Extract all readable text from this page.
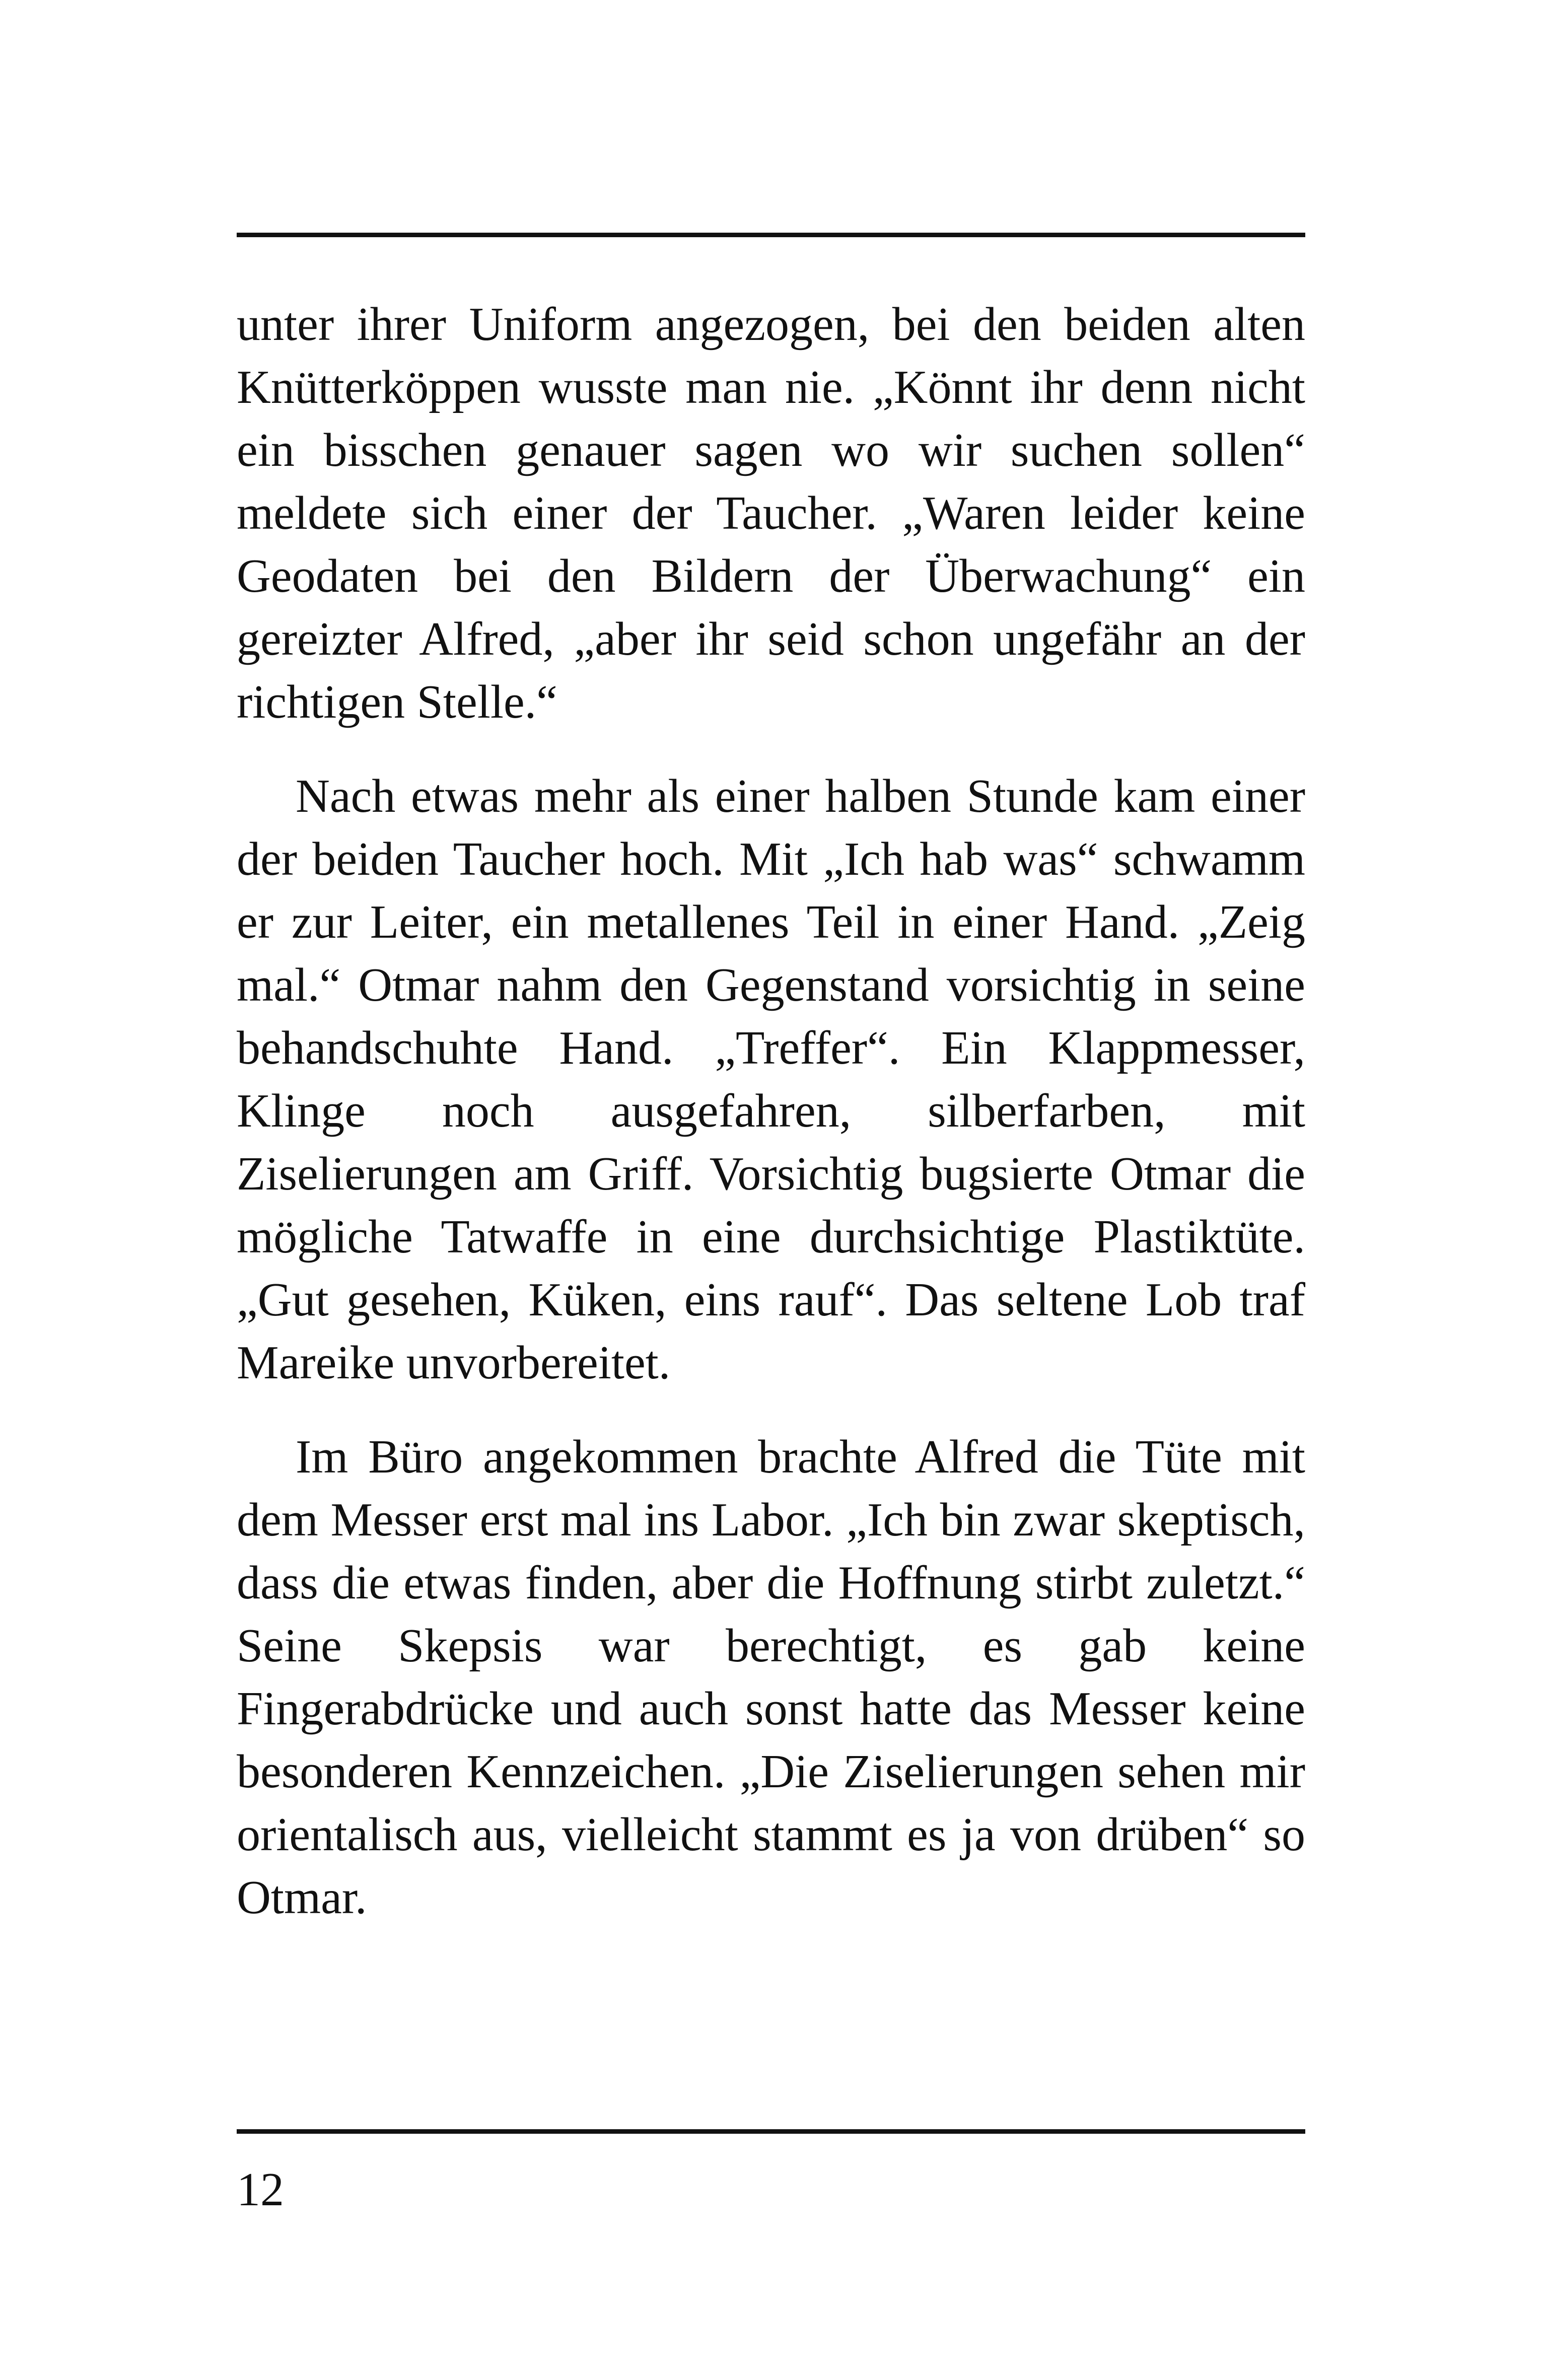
unter ihrer Uniform angezogen, bei den beiden alten Knütterköppen wusste man nie. „Könnt ihr denn nicht ein bisschen genauer sagen wo wir suchen sollen“ meldete sich einer der Taucher. „Waren leider keine Geodaten bei den Bildern der Überwachung“ ein gereizter Alfred, „aber ihr seid schon ungefähr an der richtigen Stelle.“

Nach etwas mehr als einer halben Stunde kam einer der beiden Taucher hoch. Mit „Ich hab was“ schwamm er zur Leiter, ein metallenes Teil in einer Hand. „Zeig mal.“ Otmar nahm den Gegenstand vorsichtig in seine behandschuhte Hand. „Treffer“. Ein Klappmesser, Klinge noch ausgefahren, silberfarben, mit Ziselierungen am Griff. Vorsichtig bugsierte Otmar die mögliche Tatwaffe in eine durchsichtige Plastiktüte. „Gut gesehen, Küken, eins rauf“. Das seltene Lob traf Mareike unvorbereitet.

Im Büro angekommen brachte Alfred die Tüte mit dem Messer erst mal ins Labor. „Ich bin zwar skeptisch, dass die etwas finden, aber die Hoffnung stirbt zuletzt.“ Seine Skepsis war berechtigt, es gab keine Fingerabdrücke und auch sonst hatte das Messer keine besonderen Kennzeichen. „Die Ziselierungen sehen mir orientalisch aus, vielleicht stammt es ja von drüben“ so Otmar.

12
